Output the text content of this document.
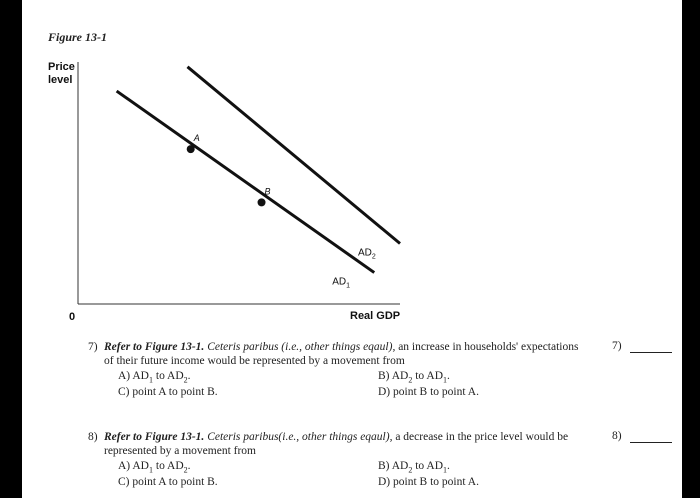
Figure 13-1
Price
level
0	Real GDP
$AD_1$
$AD_2$
A
B
7) Refer to Figure 13-1. Ceteris paribus (i.e., other things eqaul), an increase in households' expectations of their future income would be represented by a movement from
A) $AD_1$ to $AD_2$.	B) $AD_2$ to $AD_1$.
C) point A to point B.	D) point B to point A.
7)
8) Refer to Figure 13-1. Ceteris paribus(i.e., other things eqaul), a decrease in the price level would be represented by a movement from
A) $AD_1$ to $AD_2$.	B) $AD_2$ to $AD_1$.
C) point A to point B.	D) point B to point A.
8)
